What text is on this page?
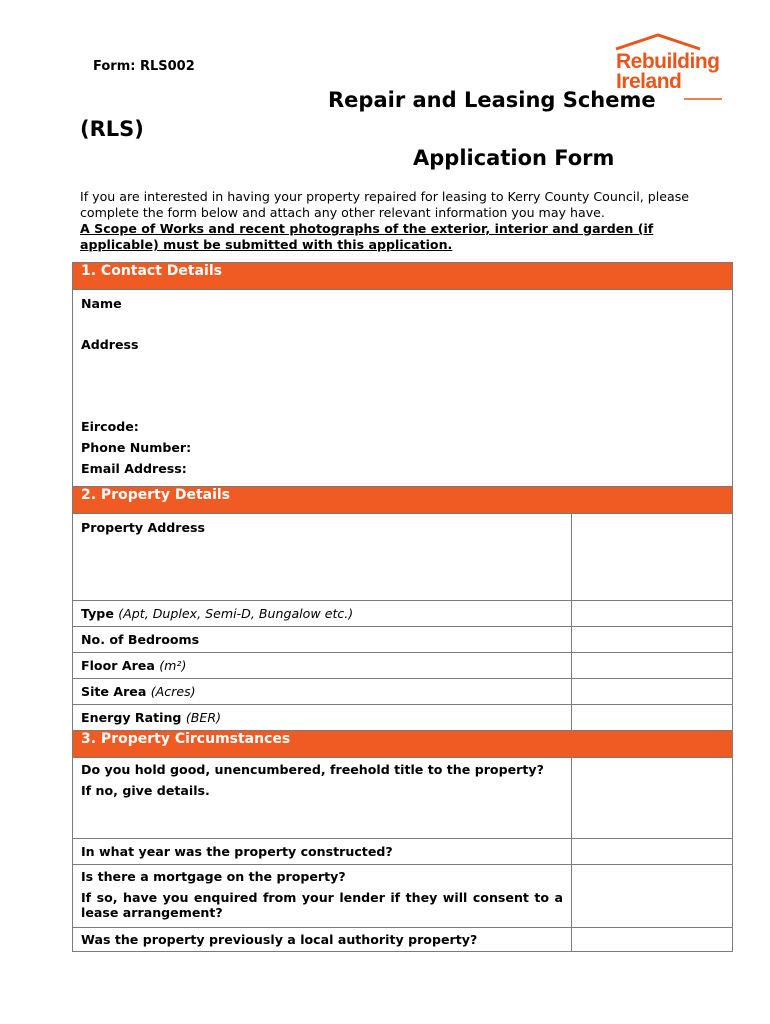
Form: RLS002	Rebuilding
Ireland
Repair and Leasing Scheme
(RLS)
Application Form

If you are interested in having your property repaired for leasing to Kerry County Council, please complete the form below and attach any other relevant information you may have.

A Scope of Works and recent photographs of the exterior, interior and garden (if applicable) must be submitted with this application.

1. Contact Details

Name
Address
Eircode:
Phone Number:
Email Address:
2. Property Details	
Property Address	
Type (Apt, Duplex, Semi-D, Bungalow etc.)	
No. of Bedrooms	
Floor Area (m²)	
Site Area (Acres)	
Energy Rating (BER)	
3. Property Circumstances	

Do you hold good, unencumbered, freehold title to the property?
If no, give details.	

In what year was the property constructed?	

Is there a mortgage on the property?
If so, have you enquired from your lender if they will consent to a lease arrangement?	

Was the property previously a local authority property?	
